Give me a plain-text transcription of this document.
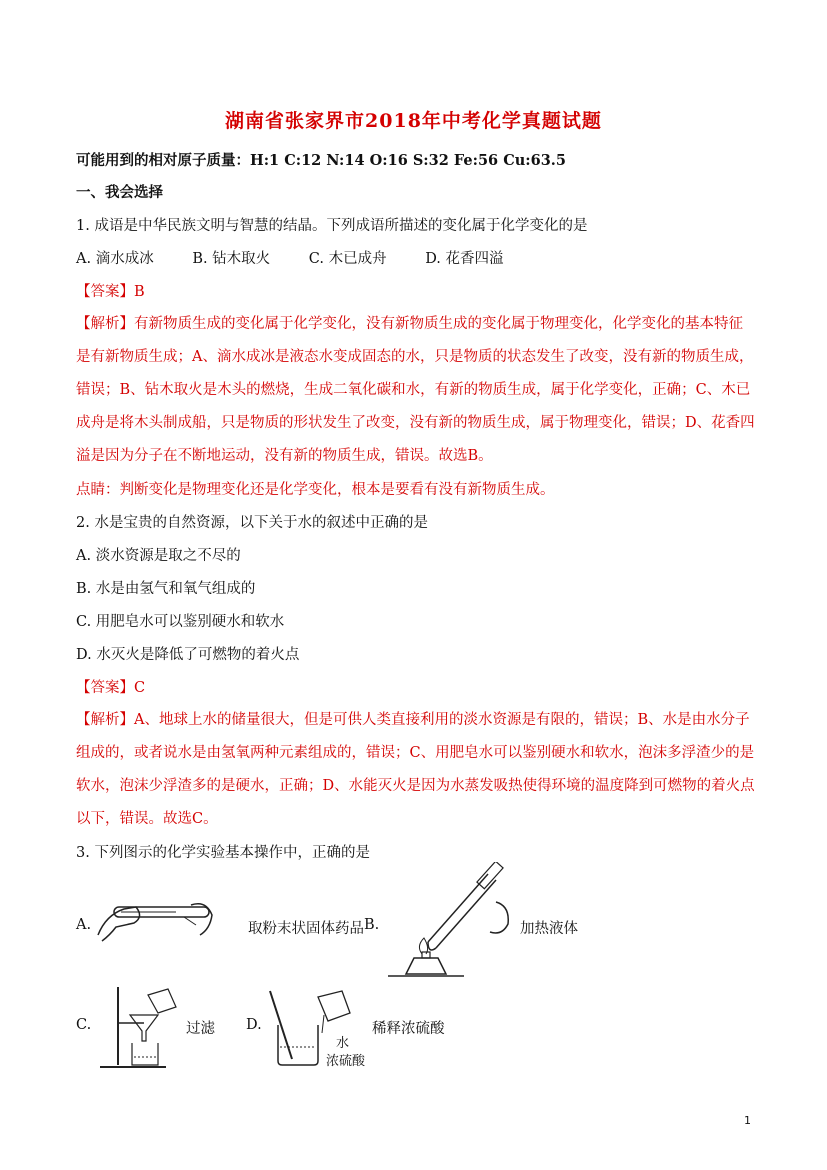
湖南省张家界市2018年中考化学真题试题
可能用到的相对原子质量：H:1 C:12 N:14 O:16 S:32 Fe:56 Cu:63.5
一、我会选择
1. 成语是中华民族文明与智慧的结晶。下列成语所描述的变化属于化学变化的是
A. 滴水成冰	B. 钻木取火	C. 木已成舟	D. 花香四溢
【答案】B
【解析】有新物质生成的变化属于化学变化，没有新物质生成的变化属于物理变化，化学变化的基本特征是有新物质生成；A、滴水成冰是液态水变成固态的水，只是物质的状态发生了改变，没有新的物质生成，错误；B、钻木取火是木头的燃烧，生成二氧化碳和水，有新的物质生成，属于化学变化，正确；C、木已成舟是将木头制成船，只是物质的形状发生了改变，没有新的物质生成，属于物理变化，错误；D、花香四溢是因为分子在不断地运动，没有新的物质生成，错误。故选B。
点睛：判断变化是物理变化还是化学变化，根本是要看有没有新物质生成。
2. 水是宝贵的自然资源，以下关于水的叙述中正确的是
A. 淡水资源是取之不尽的
B. 水是由氢气和氧气组成的
C. 用肥皂水可以鉴别硬水和软水
D. 水灭火是降低了可燃物的着火点
【答案】C
【解析】A、地球上水的储量很大，但是可供人类直接利用的淡水资源是有限的，错误；B、水是由水分子组成的，或者说水是由氢氧两种元素组成的，错误；C、用肥皂水可以鉴别硬水和软水，泡沫多浮渣少的是软水，泡沫少浮渣多的是硬水，正确；D、水能灭火是因为水蒸发吸热使得环境的温度降到可燃物的着火点以下，错误。故选C。
3. 下列图示的化学实验基本操作中，正确的是
A.	取粉末状固体药品 B.	加热液体
C.	过滤 D.
水
浓硫酸
稀释浓硫酸
1
